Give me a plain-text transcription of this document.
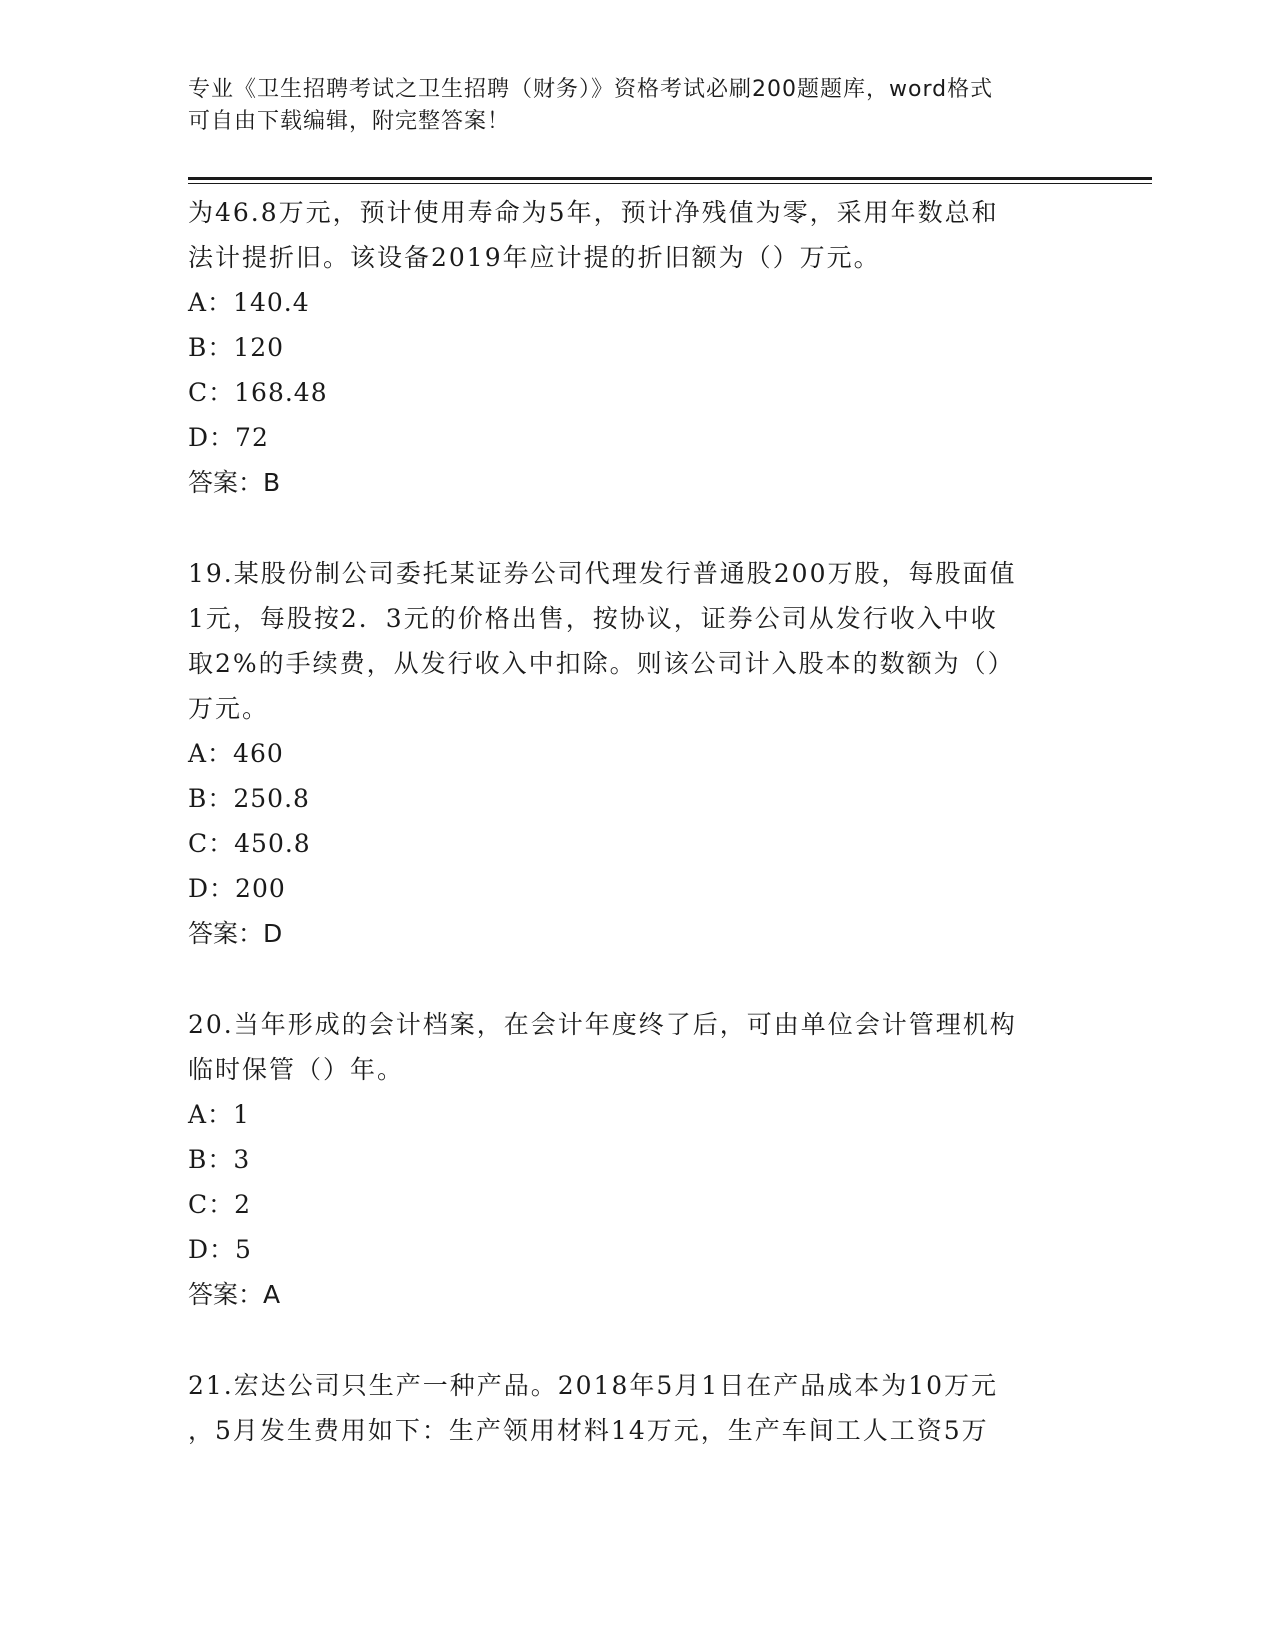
专业《卫生招聘考试之卫生招聘（财务）》资格考试必刷200题题库，word格式
可自由下载编辑，附完整答案！
为46.8万元，预计使用寿命为5年，预计净残值为零，采用年数总和
法计提折旧。该设备2019年应计提的折旧额为（）万元。
A：140.4
B：120
C：168.48
D：72
答案：B
19.某股份制公司委托某证券公司代理发行普通股200万股，每股面值
1元，每股按2．3元的价格出售，按协议，证券公司从发行收入中收
取2%的手续费，从发行收入中扣除。则该公司计入股本的数额为（）
万元。
A：460
B：250.8
C：450.8
D：200
答案：D
20.当年形成的会计档案，在会计年度终了后，可由单位会计管理机构
临时保管（）年。
A：1
B：3
C：2
D：5
答案：A
21.宏达公司只生产一种产品。2018年5月1日在产品成本为10万元
，5月发生费用如下：生产领用材料14万元，生产车间工人工资5万
